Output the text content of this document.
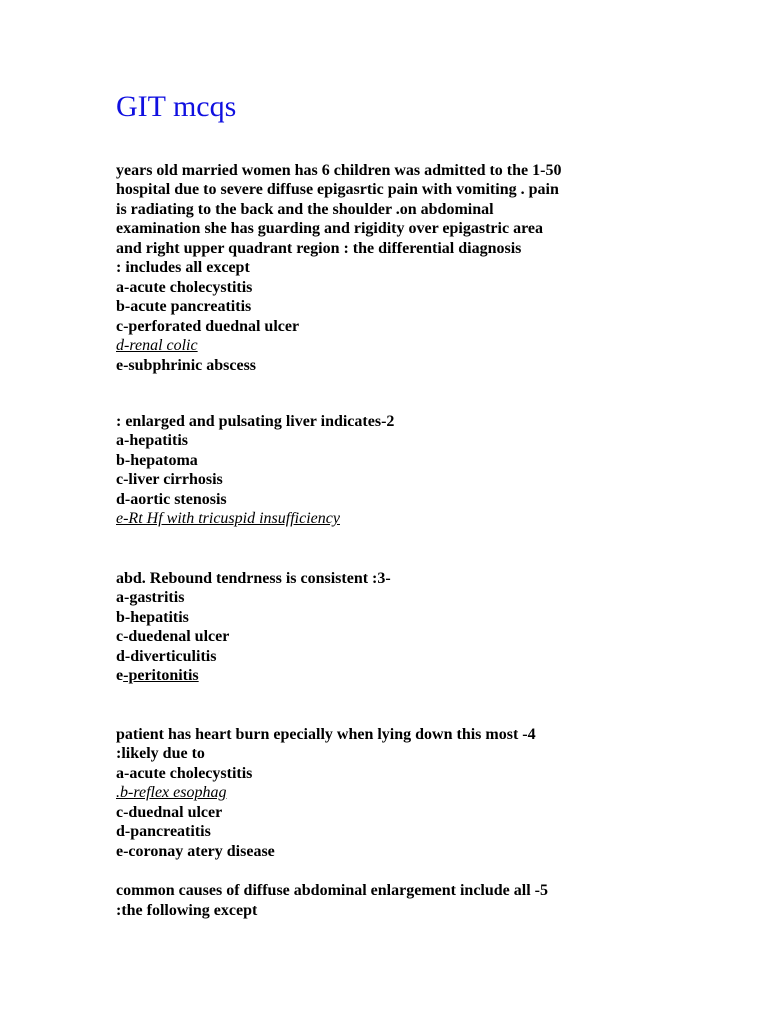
GIT mcqs
years old married women has 6 children was admitted to the 1-50
hospital due to severe diffuse epigasrtic pain with vomiting . pain
is radiating to the back and the shoulder .on abdominal
examination she has guarding and rigidity over epigastric area
and right upper quadrant region : the differential diagnosis
: includes all except
a-acute cholecystitis
b-acute pancreatitis
c-perforated duednal ulcer
d-renal colic
e-subphrinic abscess
: enlarged and pulsating liver indicates-2
a-hepatitis
b-hepatoma
c-liver cirrhosis
d-aortic stenosis
e-Rt Hf with tricuspid insufficiency
abd. Rebound tendrness is consistent :3-
a-gastritis
b-hepatitis
c-duedenal ulcer
d-diverticulitis
e-peritonitis
patient has heart burn epecially when lying down this most -4
:likely due to
a-acute cholecystitis
.b-reflex esophag
c-duednal ulcer
d-pancreatitis
e-coronay atery disease
common causes of diffuse abdominal enlargement include all -5
:the following except
